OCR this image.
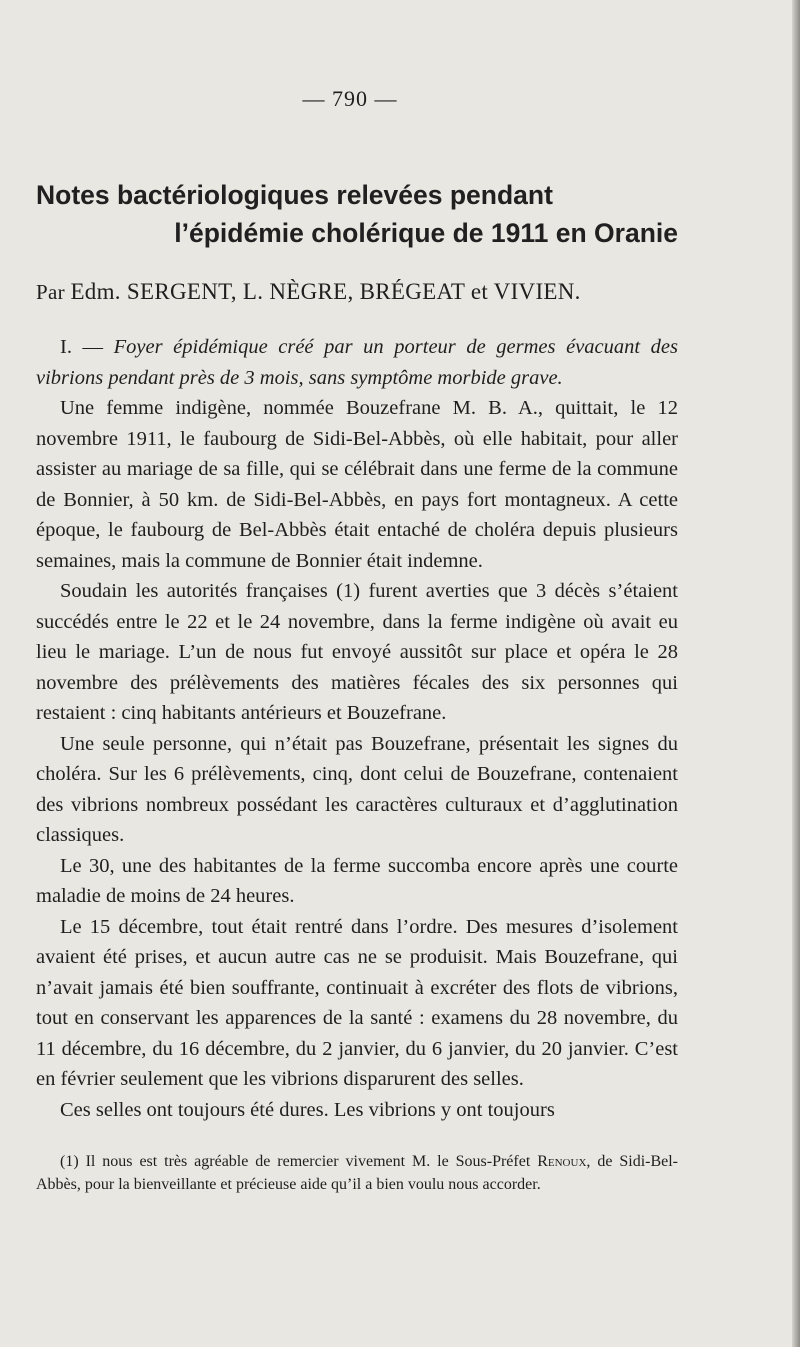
— 790 —
Notes bactériologiques relevées pendant
l’épidémie cholérique de 1911 en Oranie
Par Edm. SERGENT, L. NÈGRE, BRÉGEAT et VIVIEN.

I. — Foyer épidémique créé par un porteur de germes évacuant des vibrions pendant près de 3 mois, sans symptôme morbide grave.

Une femme indigène, nommée Bouzefrane M. B. A., quittait, le 12 novembre 1911, le faubourg de Sidi-Bel-Abbès, où elle habitait, pour aller assister au mariage de sa fille, qui se célébrait dans une ferme de la commune de Bonnier, à 50 km. de Sidi-Bel-Abbès, en pays fort montagneux. A cette époque, le faubourg de Bel-Abbès était entaché de choléra depuis plusieurs semaines, mais la commune de Bonnier était indemne.

Soudain les autorités françaises (1) furent averties que 3 décès s’étaient succédés entre le 22 et le 24 novembre, dans la ferme indigène où avait eu lieu le mariage. L’un de nous fut envoyé aussitôt sur place et opéra le 28 novembre des prélèvements des matières fécales des six personnes qui restaient : cinq habitants antérieurs et Bouzefrane.

Une seule personne, qui n’était pas Bouzefrane, présentait les signes du choléra. Sur les 6 prélèvements, cinq, dont celui de Bouzefrane, contenaient des vibrions nombreux possédant les caractères culturaux et d’agglutination classiques.

Le 30, une des habitantes de la ferme succomba encore après une courte maladie de moins de 24 heures.

Le 15 décembre, tout était rentré dans l’ordre. Des mesures d’isolement avaient été prises, et aucun autre cas ne se produisit. Mais Bouzefrane, qui n’avait jamais été bien souffrante, continuait à excréter des flots de vibrions, tout en conservant les apparences de la santé : examens du 28 novembre, du 11 décembre, du 16 décembre, du 2 janvier, du 6 janvier, du 20 janvier. C’est en février seulement que les vibrions disparurent des selles.

Ces selles ont toujours été dures. Les vibrions y ont toujours

(1) Il nous est très agréable de remercier vivement M. le Sous-Préfet Renoux, de Sidi-Bel-Abbès, pour la bienveillante et précieuse aide qu’il a bien voulu nous accorder.
